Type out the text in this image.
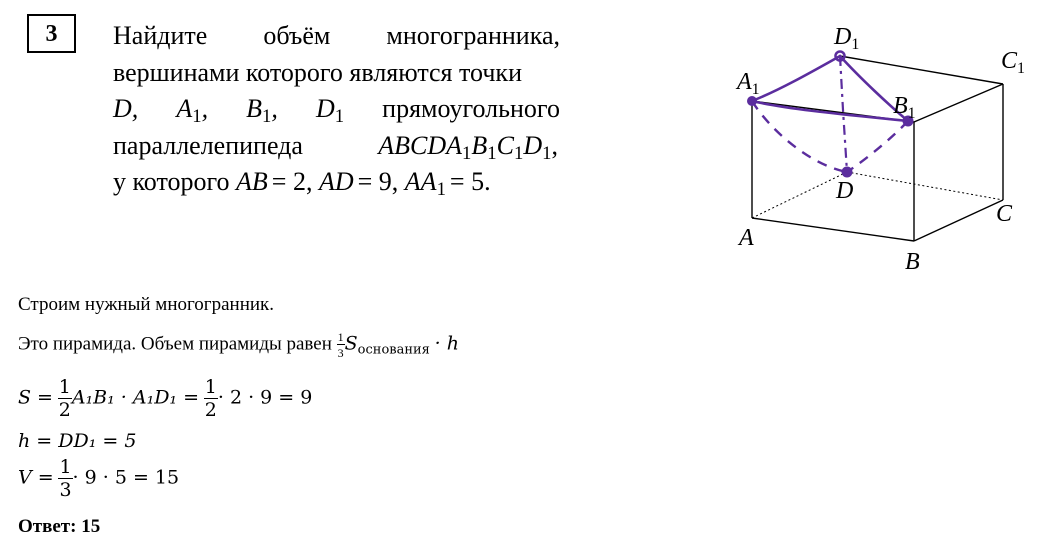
3	Найдите объём многогранника,
вершинами которого являются точки
D, $A_1$, $B_1$, $D_1$ прямоугольного
параллелепипеда	$ABCDA_1B_1C_1D_1$,
у которого
AB = 2,
AD = 9,
$AA_1 = 5$.
$A_1$
$D_1$
$C_1$
$B_1$
D
C
A
B
Строим нужный многогранник.
Это пирамида. Объем пирамиды равен $\frac{1}{3} S_{основания} \cdot h$
$S = \frac{1}{2} A_1B_1 \cdot A_1D_1 = \frac{1}{2} \cdot 2 \cdot 9 = 9$
h = DD₁ = 5
$V = \frac{1}{3} \cdot 9 \cdot 5 = 15$
Ответ: 15
